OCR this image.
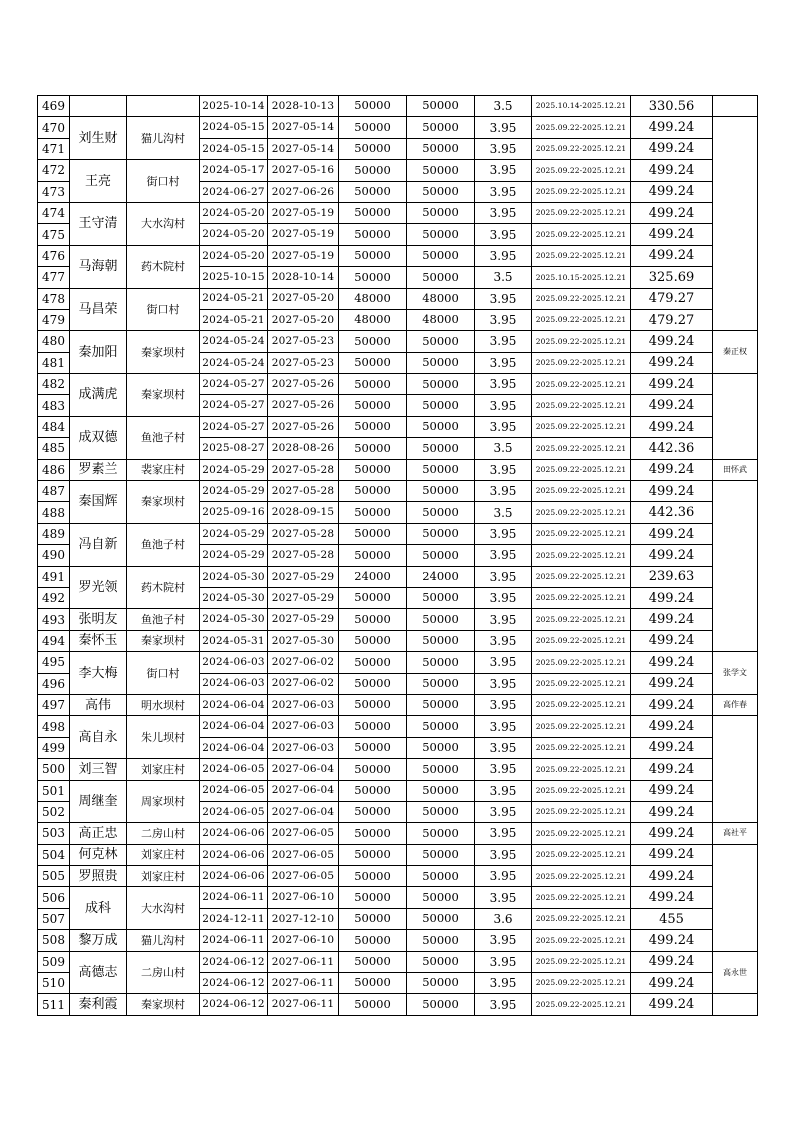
469			2025-10-14	2028-10-13	50000	50000	3.5	2025.10.14-2025.12.21	330.56	
470	刘生财	猫儿沟村	2024-05-15	2027-05-14	50000	50000	3.95	2025.09.22-2025.12.21	499.24	
471			2024-05-15	2027-05-14	50000	50000	3.95	2025.09.22-2025.12.21	499.24	
472	王亮	街口村	2024-05-17	2027-05-16	50000	50000	3.95	2025.09.22-2025.12.21	499.24	
473			2024-06-27	2027-06-26	50000	50000	3.95	2025.09.22-2025.12.21	499.24	
474	王守清	大水沟村	2024-05-20	2027-05-19	50000	50000	3.95	2025.09.22-2025.12.21	499.24	
475			2024-05-20	2027-05-19	50000	50000	3.95	2025.09.22-2025.12.21	499.24	
476	马海朝	药木院村	2024-05-20	2027-05-19	50000	50000	3.95	2025.09.22-2025.12.21	499.24	
477			2025-10-15	2028-10-14	50000	50000	3.5	2025.10.15-2025.12.21	325.69	
478	马昌荣	街口村	2024-05-21	2027-05-20	48000	48000	3.95	2025.09.22-2025.12.21	479.27	
479			2024-05-21	2027-05-20	48000	48000	3.95	2025.09.22-2025.12.21	479.27	
480	秦加阳	秦家坝村	2024-05-24	2027-05-23	50000	50000	3.95	2025.09.22-2025.12.21	499.24	秦正权
481			2024-05-24	2027-05-23	50000	50000	3.95	2025.09.22-2025.12.21	499.24	
482	成满虎	秦家坝村	2024-05-27	2027-05-26	50000	50000	3.95	2025.09.22-2025.12.21	499.24	
483			2024-05-27	2027-05-26	50000	50000	3.95	2025.09.22-2025.12.21	499.24	
484	成双德	鱼池子村	2024-05-27	2027-05-26	50000	50000	3.95	2025.09.22-2025.12.21	499.24	
485			2025-08-27	2028-08-26	50000	50000	3.5	2025.09.22-2025.12.21	442.36	
486	罗素兰	裴家庄村	2024-05-29	2027-05-28	50000	50000	3.95	2025.09.22-2025.12.21	499.24	田怀武
487	秦国辉	秦家坝村	2024-05-29	2027-05-28	50000	50000	3.95	2025.09.22-2025.12.21	499.24	
488			2025-09-16	2028-09-15	50000	50000	3.5	2025.09.22-2025.12.21	442.36	
489	冯自新	鱼池子村	2024-05-29	2027-05-28	50000	50000	3.95	2025.09.22-2025.12.21	499.24	
490			2024-05-29	2027-05-28	50000	50000	3.95	2025.09.22-2025.12.21	499.24	
491	罗光领	药木院村	2024-05-30	2027-05-29	24000	24000	3.95	2025.09.22-2025.12.21	239.63	
492			2024-05-30	2027-05-29	50000	50000	3.95	2025.09.22-2025.12.21	499.24	
493	张明友	鱼池子村	2024-05-30	2027-05-29	50000	50000	3.95	2025.09.22-2025.12.21	499.24	
494	秦怀玉	秦家坝村	2024-05-31	2027-05-30	50000	50000	3.95	2025.09.22-2025.12.21	499.24	
495	李大梅	街口村	2024-06-03	2027-06-02	50000	50000	3.95	2025.09.22-2025.12.21	499.24	张学文
496			2024-06-03	2027-06-02	50000	50000	3.95	2025.09.22-2025.12.21	499.24	
497	高伟	明水坝村	2024-06-04	2027-06-03	50000	50000	3.95	2025.09.22-2025.12.21	499.24	高作春
498	高自永	朱儿坝村	2024-06-04	2027-06-03	50000	50000	3.95	2025.09.22-2025.12.21	499.24	
499			2024-06-04	2027-06-03	50000	50000	3.95	2025.09.22-2025.12.21	499.24	
500	刘三智	刘家庄村	2024-06-05	2027-06-04	50000	50000	3.95	2025.09.22-2025.12.21	499.24	
501	周继奎	周家坝村	2024-06-05	2027-06-04	50000	50000	3.95	2025.09.22-2025.12.21	499.24	
502			2024-06-05	2027-06-04	50000	50000	3.95	2025.09.22-2025.12.21	499.24	
503	高正忠	二房山村	2024-06-06	2027-06-05	50000	50000	3.95	2025.09.22-2025.12.21	499.24	高社平
504	何克林	刘家庄村	2024-06-06	2027-06-05	50000	50000	3.95	2025.09.22-2025.12.21	499.24	
505	罗照贵	刘家庄村	2024-06-06	2027-06-05	50000	50000	3.95	2025.09.22-2025.12.21	499.24	
506	成科	大水沟村	2024-06-11	2027-06-10	50000	50000	3.95	2025.09.22-2025.12.21	499.24	
507			2024-12-11	2027-12-10	50000	50000	3.6	2025.09.22-2025.12.21	455	
508	黎万成	猫儿沟村	2024-06-11	2027-06-10	50000	50000	3.95	2025.09.22-2025.12.21	499.24	
509	高德志	二房山村	2024-06-12	2027-06-11	50000	50000	3.95	2025.09.22-2025.12.21	499.24	高永世
510			2024-06-12	2027-06-11	50000	50000	3.95	2025.09.22-2025.12.21	499.24	
511	秦利霞	秦家坝村	2024-06-12	2027-06-11	50000	50000	3.95	2025.09.22-2025.12.21	499.24	
